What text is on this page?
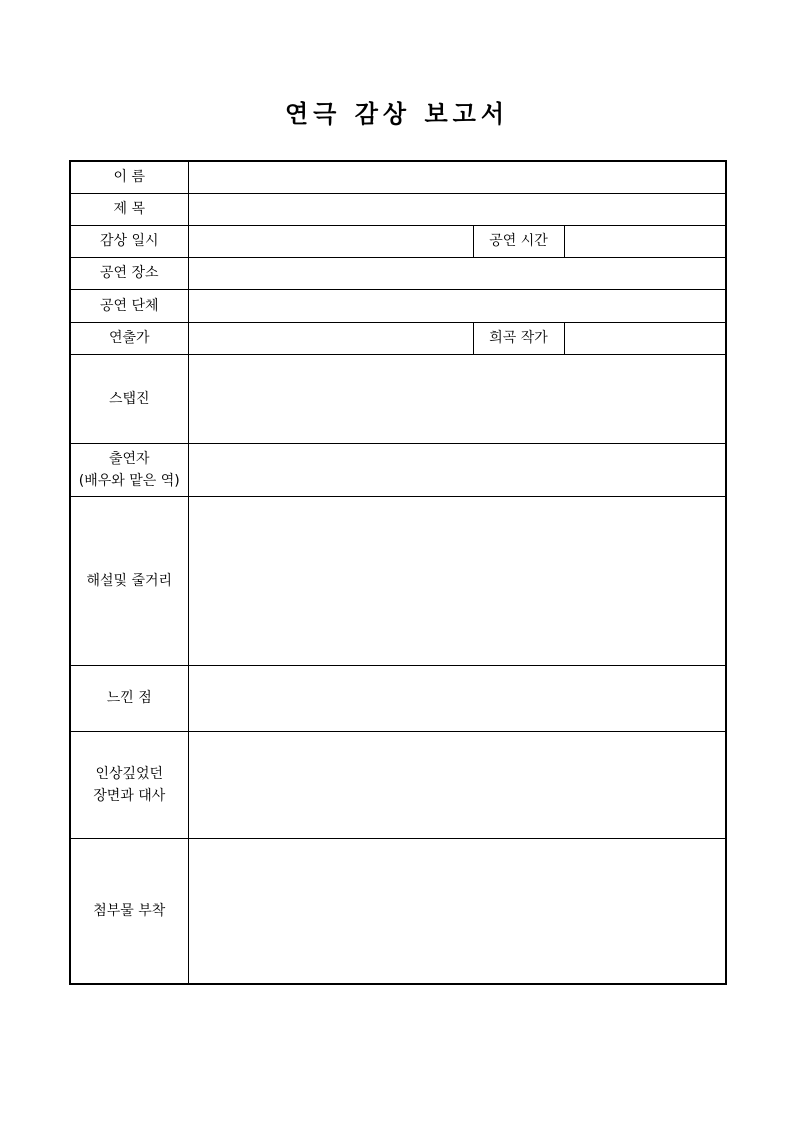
연극 감상 보고서
이 름			
제 목			
감상 일시		공연 시간	
공연 장소			
공연 단체			
연출가		희곡 작가	
스탭진			

출연자
(배우와 맡은 역)			

해설및 줄거리			
느낀 점			

인상깊었던
장면과 대사			

첨부물 부착			
